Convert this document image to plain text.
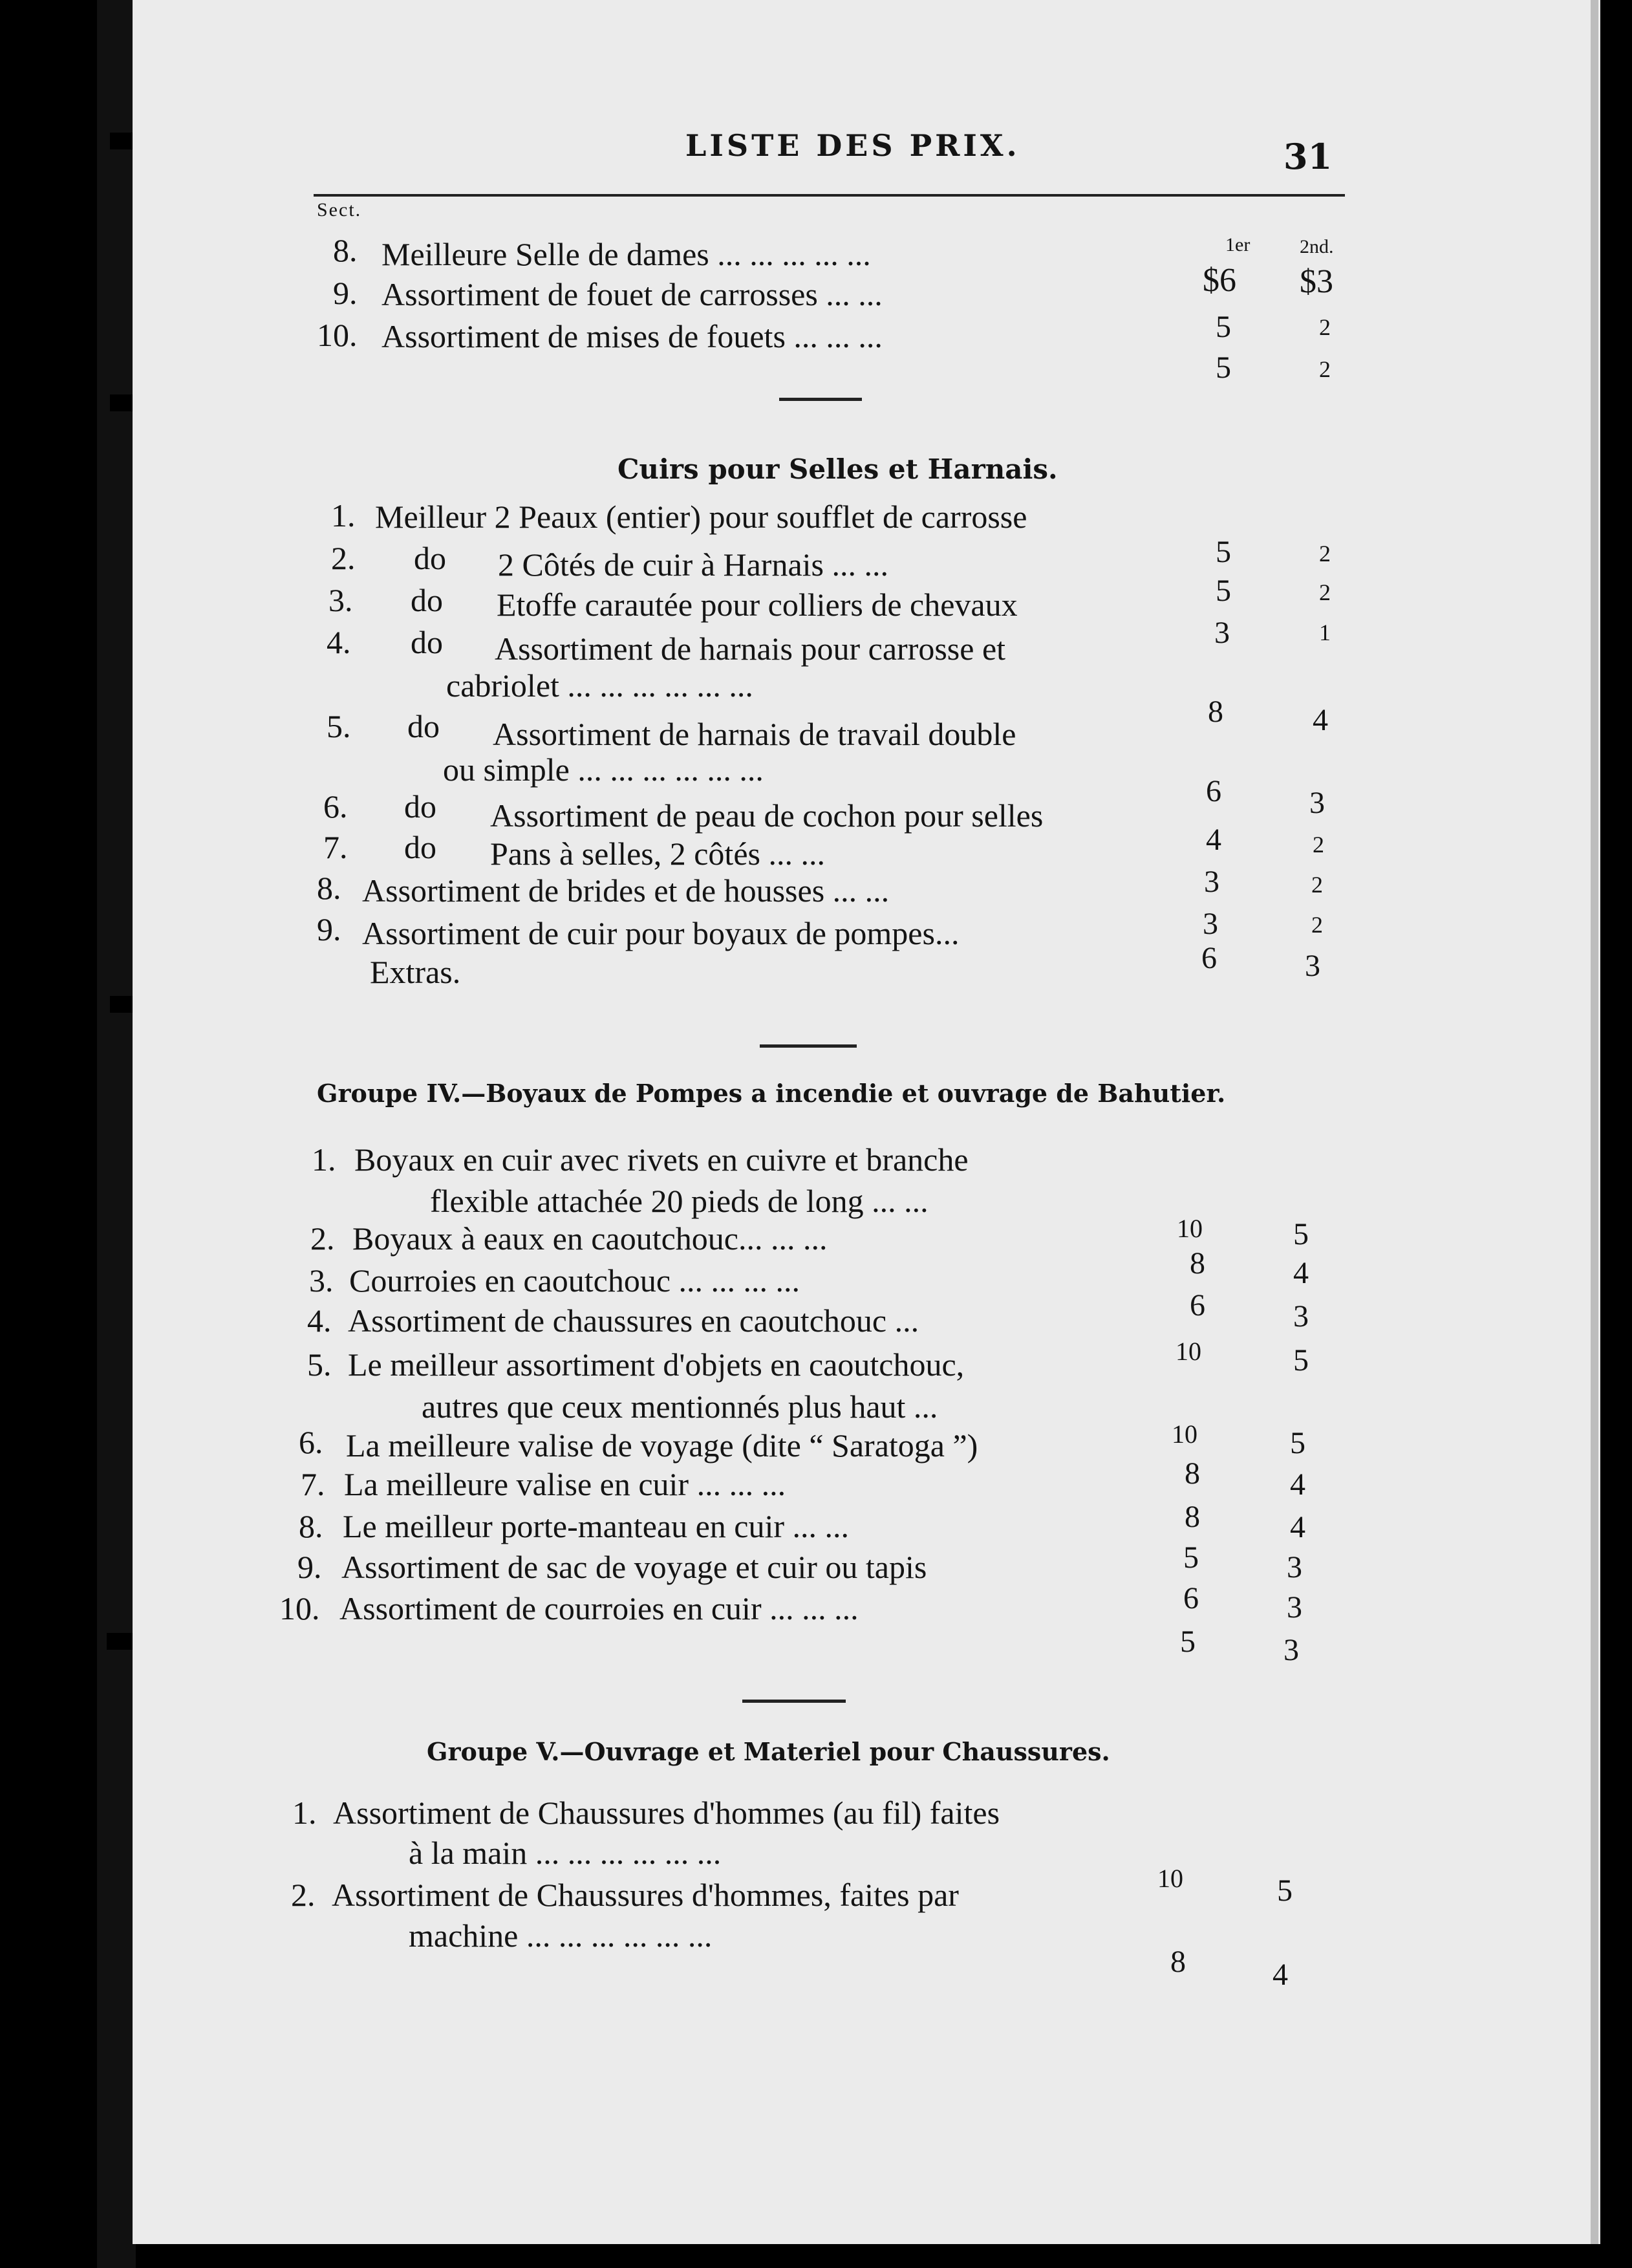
LISTE DES PRIX.	31
Sect.
1er	2nd.
8. Meilleure Selle de dames ... ... ... ... ...
$6 $3
9. Assortiment de fouet de carrosses ... ...
5	2
10. Assortiment de mises de fouets ... ... ...
5	2
Cuirs pour Selles et Harnais.
1. Meilleur 2 Peaux (entier) pour soufflet de carrosse
5	2
2. do 2 Côtés de cuir à Harnais ... ...
5	2
3. do Etoffe carautée pour colliers de chevaux
3	1
4. do Assortiment de harnais pour carrosse et
cabriolet ... ... ... ... ... ...
8	4
5. do Assortiment de harnais de travail double
ou simple ... ... ... ... ... ...
6	3
6. do Assortiment de peau de cochon pour selles
4	2
7. do Pans à selles, 2 côtés ... ...
3	2
8. Assortiment de brides et de housses ... ...
3	2
9. Assortiment de cuir pour boyaux de pompes...
6	3
Extras.
Groupe IV.—Boyaux de Pompes a incendie et ouvrage de Bahutier.
1. Boyaux en cuir avec rivets en cuivre et branche
flexible attachée 20 pieds de long ... ...
10	5
2. Boyaux à eaux en caoutchouc... ... ...
8	4
3. Courroies en caoutchouc ... ... ... ...
6	3
4. Assortiment de chaussures en caoutchouc ...
10	5
5. Le meilleur assortiment d'objets en caoutchouc,
autres que ceux mentionnés plus haut ...
10	5
6. La meilleure valise de voyage (dite “ Saratoga ”)
8	4
7. La meilleure valise en cuir ... ... ...
8	4
8. Le meilleur porte-manteau en cuir ... ...
5	3
9. Assortiment de sac de voyage et cuir ou tapis
6	3
10. Assortiment de courroies en cuir ... ... ...
5	3
Groupe V.—Ouvrage et Materiel pour Chaussures.
1. Assortiment de Chaussures d'hommes (au fil) faites
à la main ... ... ... ... ... ...
10	5
2. Assortiment de Chaussures d'hommes, faites par
machine ... ... ... ... ... ...
8	4
